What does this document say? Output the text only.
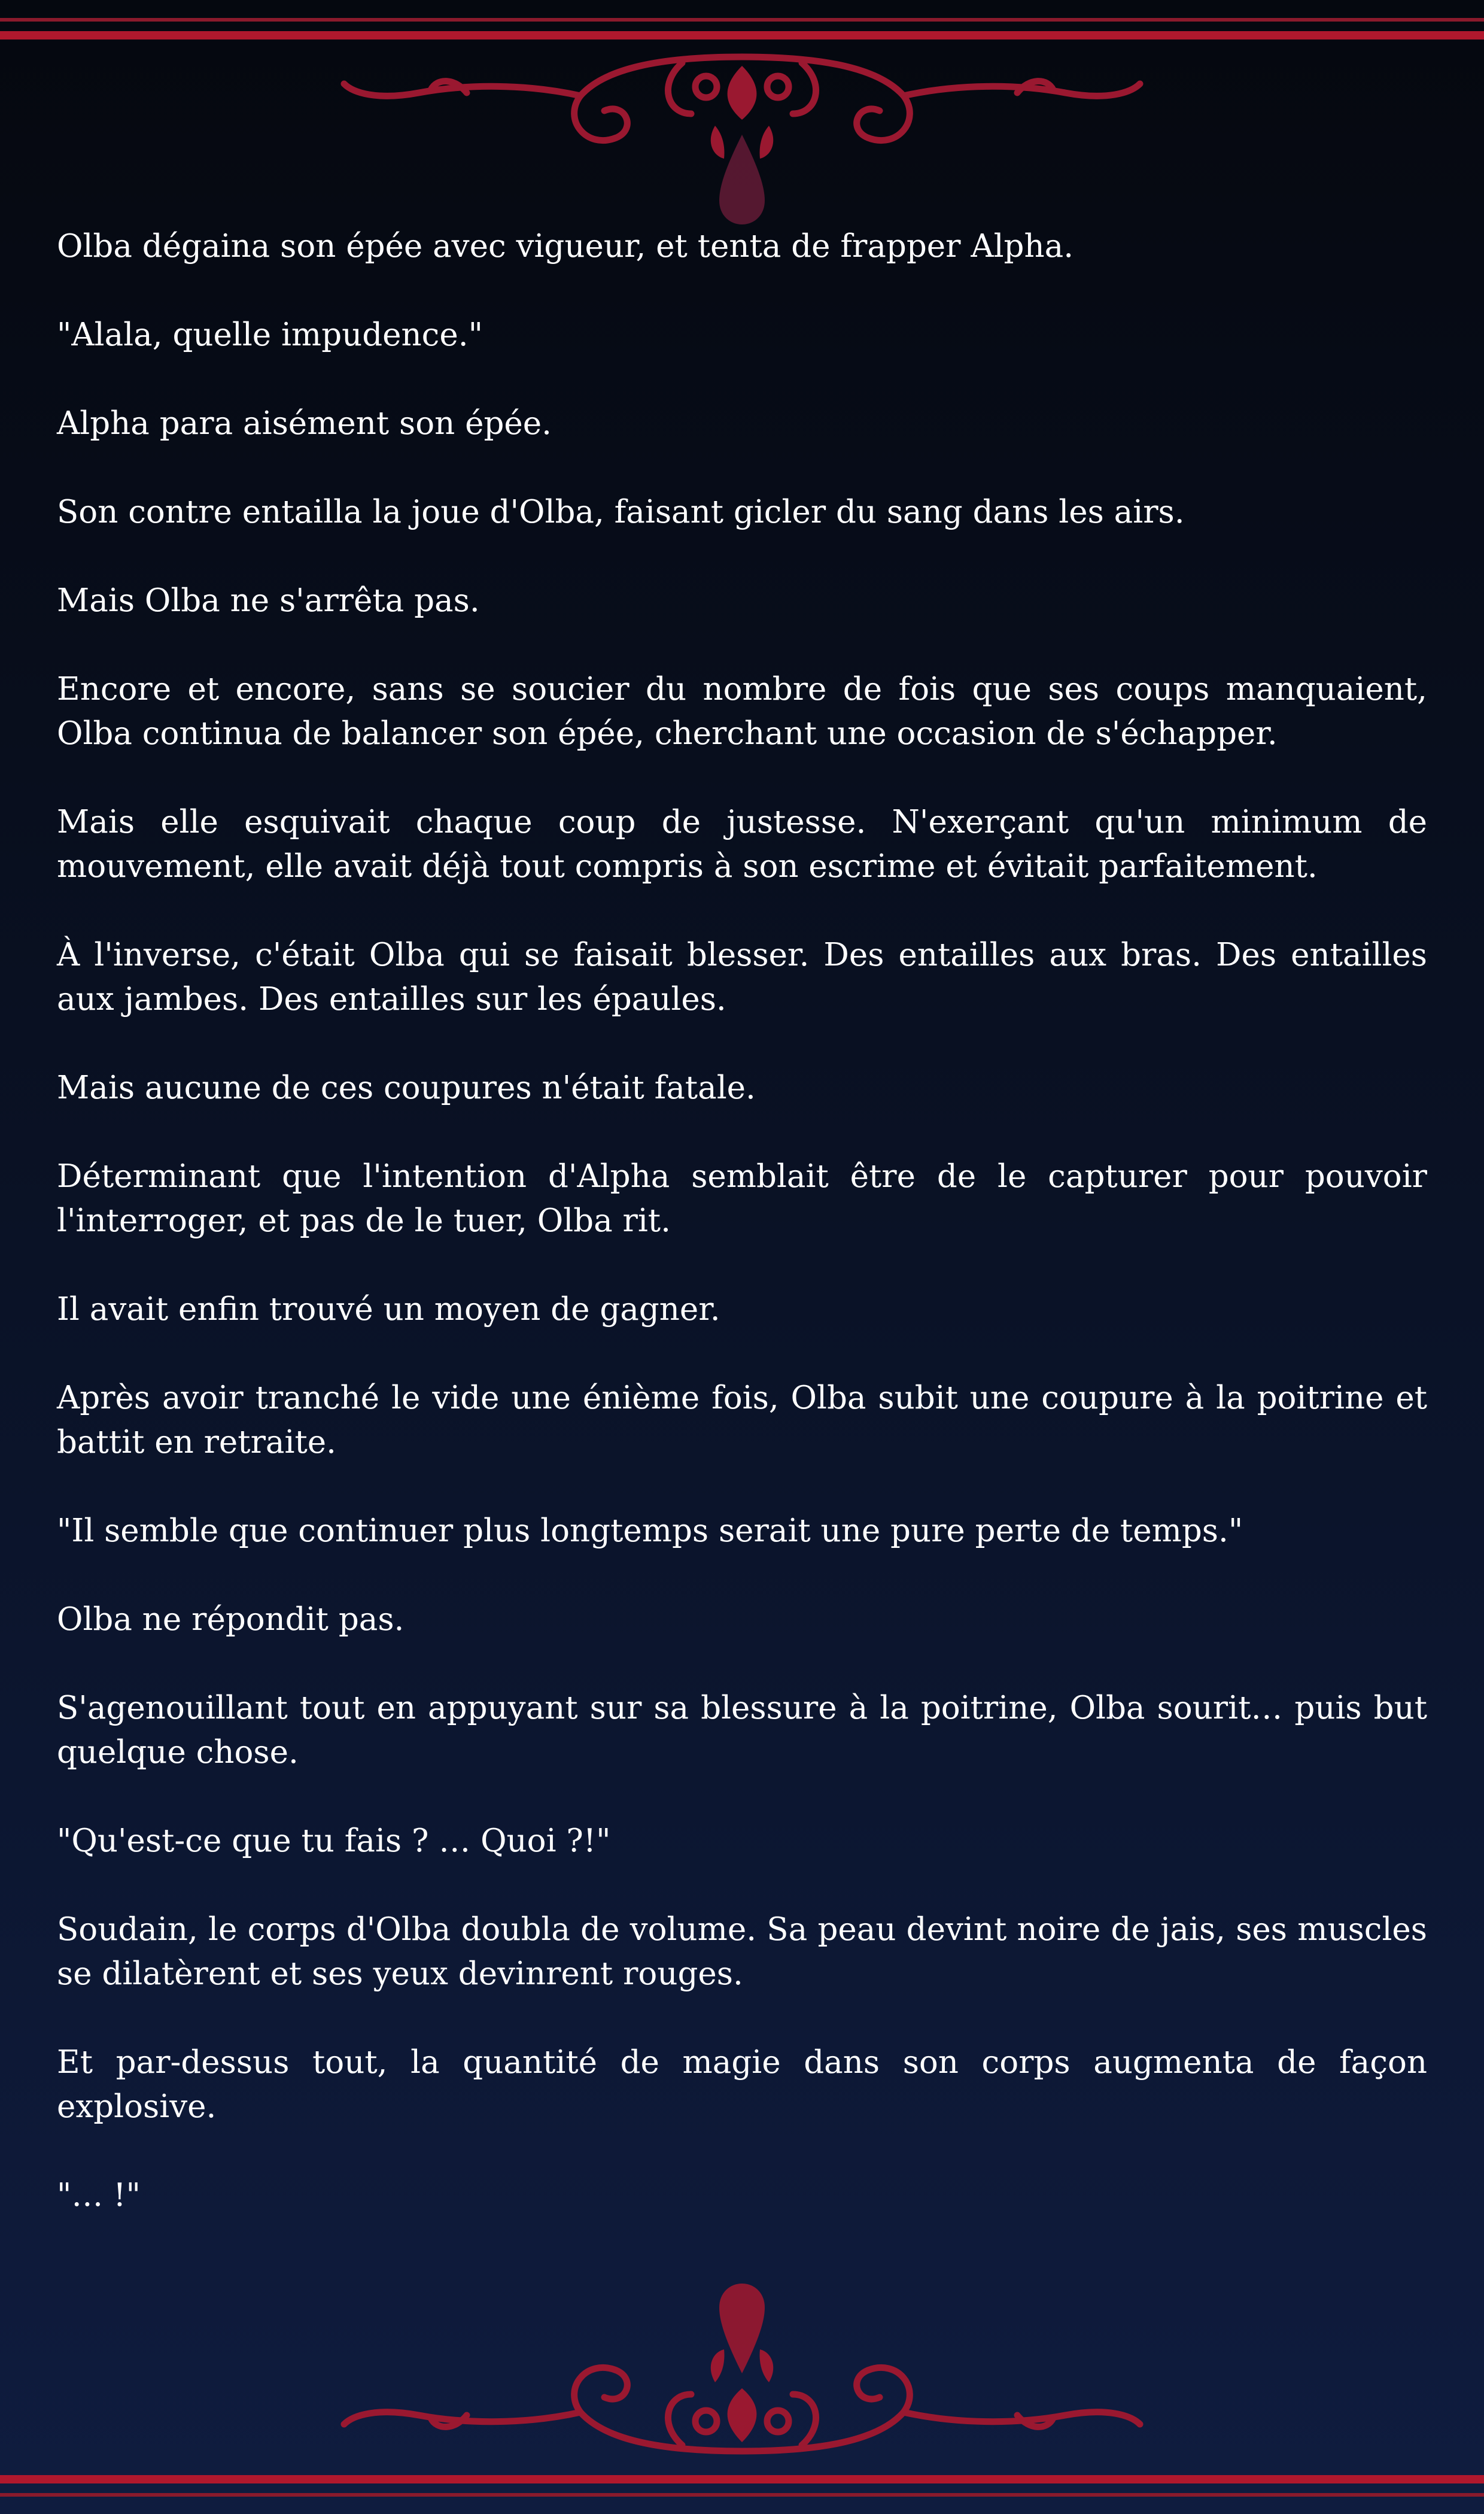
Olba dégaina son épée avec vigueur, et tenta de frapper Alpha.

"Alala, quelle impudence."

Alpha para aisément son épée.

Son contre entailla la joue d'Olba, faisant gicler du sang dans les airs.

Mais Olba ne s'arrêta pas.

Encore et encore, sans se soucier du nombre de fois que ses coups manquaient, Olba continua de balancer son épée, cherchant une occasion de s'échapper.

Mais elle esquivait chaque coup de justesse. N'exerçant qu'un minimum de mouvement, elle avait déjà tout compris à son escrime et évitait parfaitement.

À l'inverse, c'était Olba qui se faisait blesser. Des entailles aux bras. Des entailles aux jambes. Des entailles sur les épaules.

Mais aucune de ces coupures n'était fatale.

Déterminant que l'intention d'Alpha semblait être de le capturer pour pouvoir l'interroger, et pas de le tuer, Olba rit.

Il avait enfin trouvé un moyen de gagner.

Après avoir tranché le vide une énième fois, Olba subit une coupure à la poitrine et battit en retraite.

"Il semble que continuer plus longtemps serait une pure perte de temps."

Olba ne répondit pas.

S'agenouillant tout en appuyant sur sa blessure à la poitrine, Olba sourit… puis but quelque chose.

"Qu'est-ce que tu fais ? … Quoi ?!"

Soudain, le corps d'Olba doubla de volume. Sa peau devint noire de jais, ses muscles se dilatèrent et ses yeux devinrent rouges.

Et par-dessus tout, la quantité de magie dans son corps augmenta de façon explosive.

"… !"
